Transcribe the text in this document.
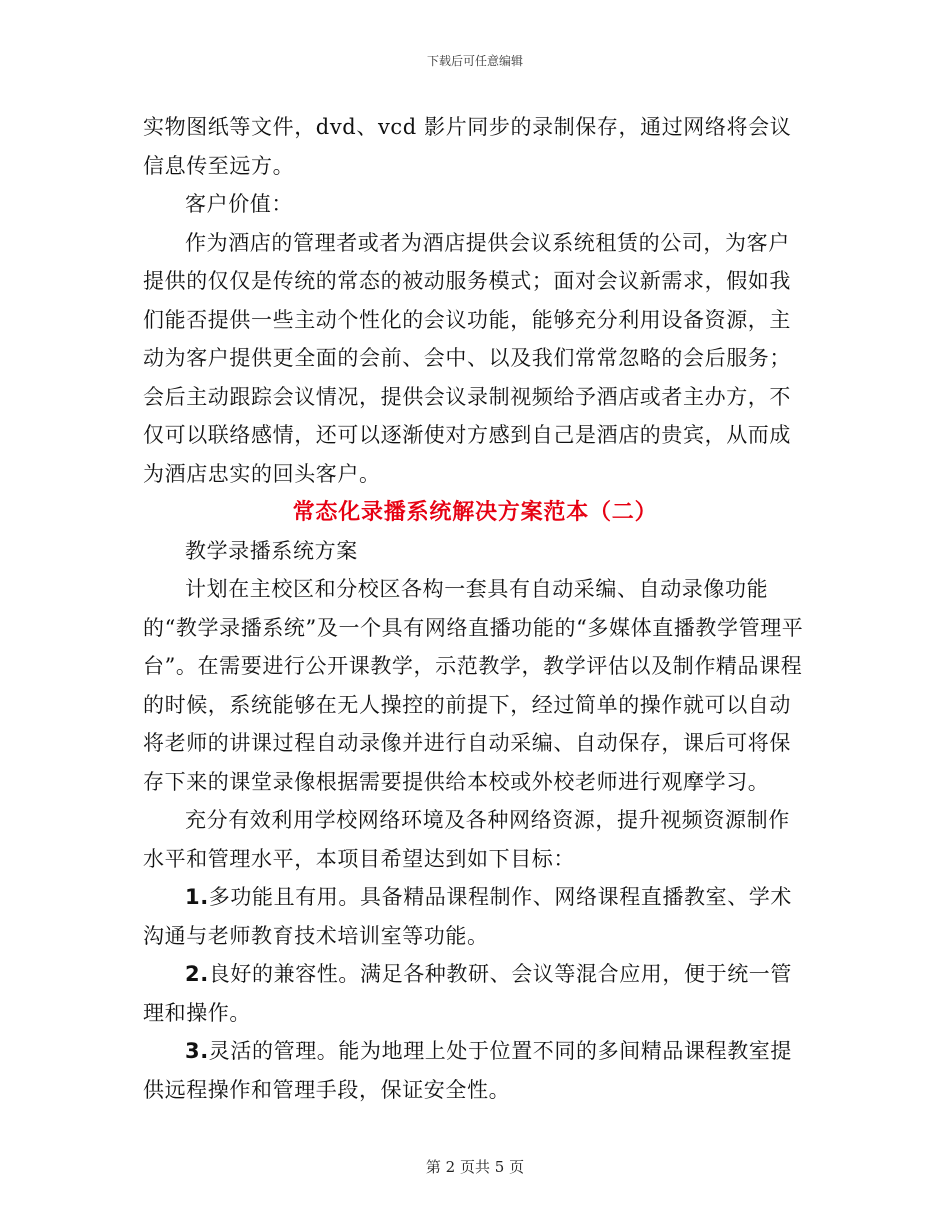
下载后可任意编辑

实物图纸等文件，dvd、vcd 影片同步的录制保存，通过网络将会议信息传至远方。

客户价值：

作为酒店的管理者或者为酒店提供会议系统租赁的公司，为客户提供的仅仅是传统的常态的被动服务模式；面对会议新需求，假如我们能否提供一些主动个性化的会议功能，能够充分利用设备资源，主动为客户提供更全面的会前、会中、以及我们常常忽略的会后服务；会后主动跟踪会议情况，提供会议录制视频给予酒店或者主办方，不仅可以联络感情，还可以逐渐使对方感到自己是酒店的贵宾，从而成为酒店忠实的回头客户。

常态化录播系统解决方案范本（二）

教学录播系统方案

计划在主校区和分校区各构一套具有自动采编、自动录像功能的“教学录播系统”及一个具有网络直播功能的“多媒体直播教学管理平台”。在需要进行公开课教学，示范教学，教学评估以及制作精品课程的时候，系统能够在无人操控的前提下，经过简单的操作就可以自动将老师的讲课过程自动录像并进行自动采编、自动保存，课后可将保存下来的课堂录像根据需要提供给本校或外校老师进行观摩学习。

充分有效利用学校网络环境及各种网络资源，提升视频资源制作水平和管理水平，本项目希望达到如下目标：

1.多功能且有用。具备精品课程制作、网络课程直播教室、学术沟通与老师教育技术培训室等功能。

2.良好的兼容性。满足各种教研、会议等混合应用，便于统一管理和操作。

3.灵活的管理。能为地理上处于位置不同的多间精品课程教室提供远程操作和管理手段，保证安全性。

第 2 页共 5 页
